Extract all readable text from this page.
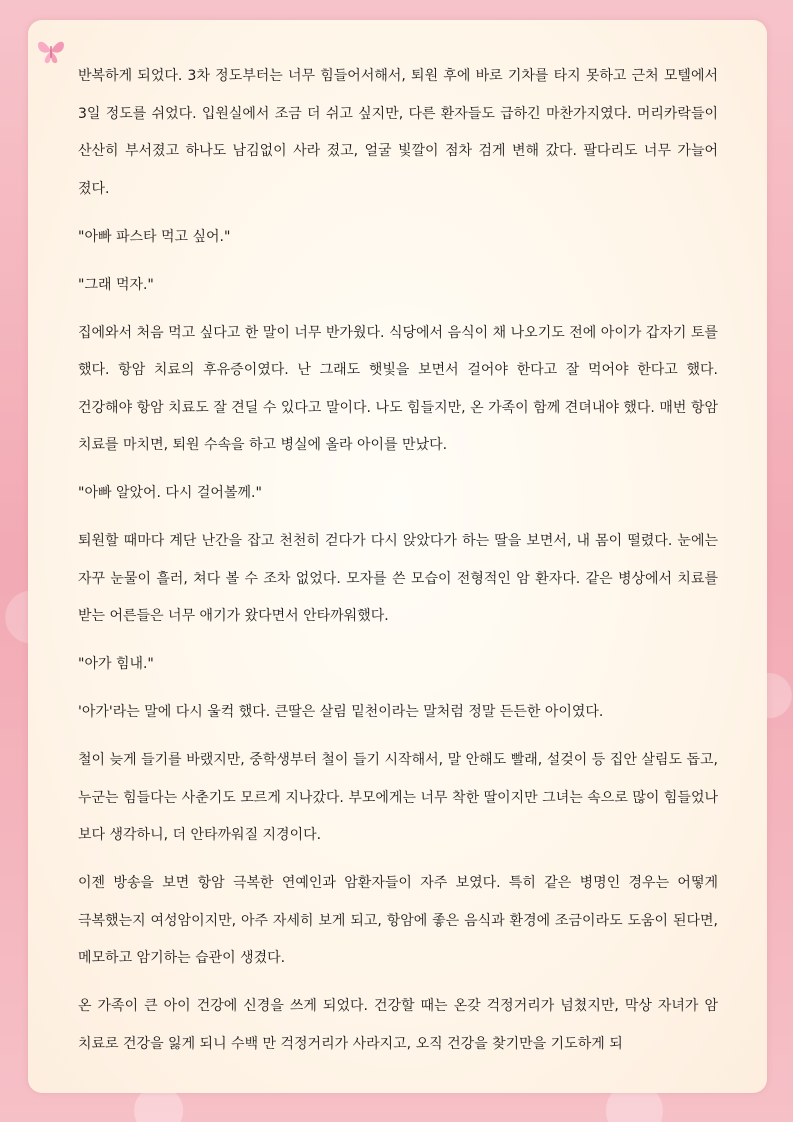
반복하게 되었다. 3차 정도부터는 너무 힘들어서해서, 퇴원 후에 바로 기차를 타지 못하고 근처 모텔에서 3일 정도를 쉬었다. 입원실에서 조금 더 쉬고 싶지만, 다른 환자들도 급하긴 마찬가지였다. 머리카락들이 산산히 부서졌고 하나도 남김없이 사라 졌고, 얼굴 빛깔이 점차 검게 변해 갔다. 팔다리도 너무 가늘어 졌다.

"아빠 파스타 먹고 싶어."

"그래 먹자."

집에와서 처음 먹고 싶다고 한 말이 너무 반가웠다. 식당에서 음식이 채 나오기도 전에 아이가 갑자기 토를 했다. 항암 치료의 후유증이였다. 난 그래도 햇빛을 보면서 걸어야 한다고 잘 먹어야 한다고 했다. 건강해야 항암 치료도 잘 견딜 수 있다고 말이다. 나도 힘들지만, 온 가족이 함께 견뎌내야 했다. 매번 항암 치료를 마치면, 퇴원 수속을 하고 병실에 올라 아이를 만났다.

"아빠 알았어. 다시 걸어볼께."

퇴원할 때마다 계단 난간을 잡고 천천히 걷다가 다시 앉았다가 하는 딸을 보면서, 내 몸이 떨렸다. 눈에는 자꾸 눈물이 흘러, 쳐다 볼 수 조차 없었다. 모자를 쓴 모습이 전형적인 암 환자다. 같은 병상에서 치료를 받는 어른들은 너무 애기가 왔다면서 안타까워했다.

"아가 힘내."

'아가'라는 말에 다시 울컥 했다. 큰딸은 살림 밑천이라는 말처럼 정말 든든한 아이였다.

철이 늦게 들기를 바랬지만, 중학생부터 철이 들기 시작해서, 말 안해도 빨래, 설겆이 등 집안 살림도 돕고, 누군는 힘들다는 사춘기도 모르게 지나갔다. 부모에게는 너무 착한 딸이지만 그녀는 속으로 많이 힘들었나 보다 생각하니, 더 안타까워질 지경이다.

이젠 방송을 보면 항암 극복한 연예인과 암환자들이 자주 보였다. 특히 같은 병명인 경우는 어떻게 극복했는지 여성암이지만, 아주 자세히 보게 되고, 항암에 좋은 음식과 환경에 조금이라도 도움이 된다면, 메모하고 암기하는 습관이 생겼다.

온 가족이 큰 아이 건강에 신경을 쓰게 되었다. 건강할 때는 온갖 걱정거리가 넘쳤지만, 막상 자녀가 암 치료로 건강을 잃게 되니 수백 만 걱정거리가 사라지고, 오직 건강을 찾기만을 기도하게 되
